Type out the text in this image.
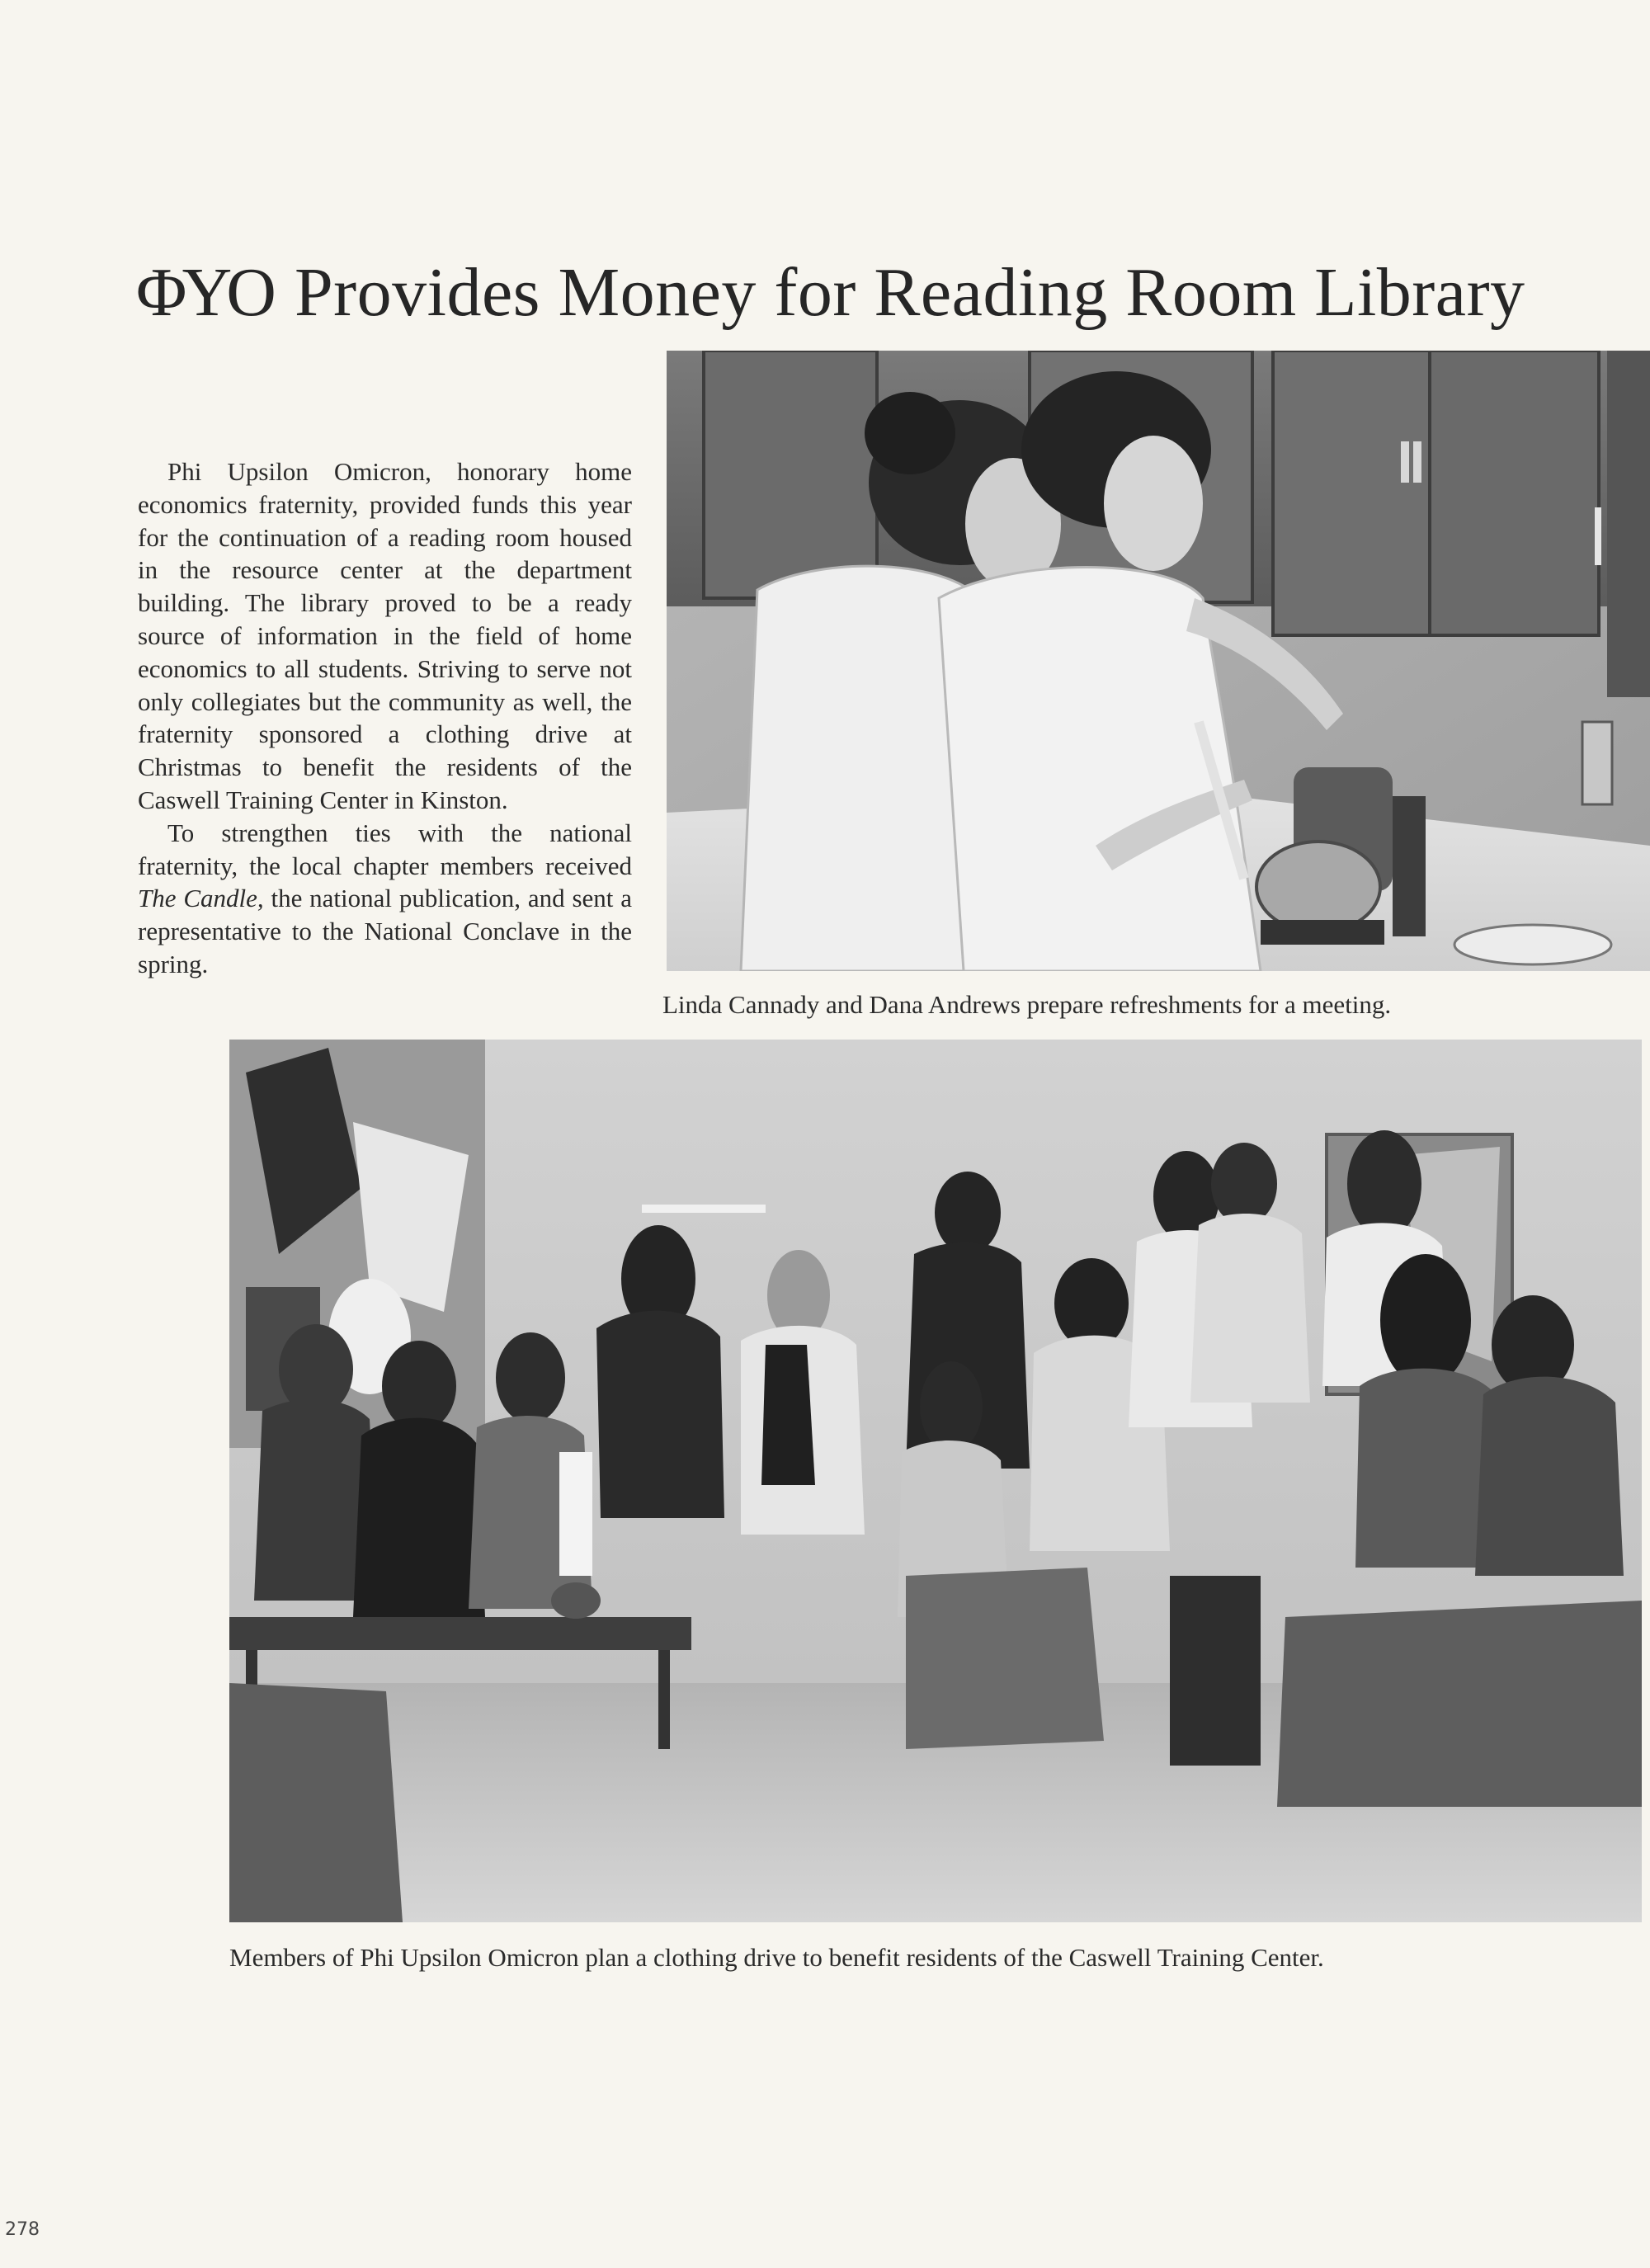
ΦΥΟ Provides Money for Reading Room Library

Phi Upsilon Omicron, honorary home economics fraternity, provided funds this year for the continuation of a reading room housed in the resource center at the department building. The library proved to be a ready source of information in the field of home economics to all students. Striving to serve not only collegiates but the community as well, the fraternity sponsored a clothing drive at Christmas to benefit the residents of the Caswell Training Center in Kinston.

To strengthen ties with the national fraternity, the local chapter members received The Candle, the national publication, and sent a representative to the National Conclave in the spring.

Linda Cannady and Dana Andrews prepare refreshments for a meeting.
Members of Phi Upsilon Omicron plan a clothing drive to benefit residents of the Caswell Training Center.
278
